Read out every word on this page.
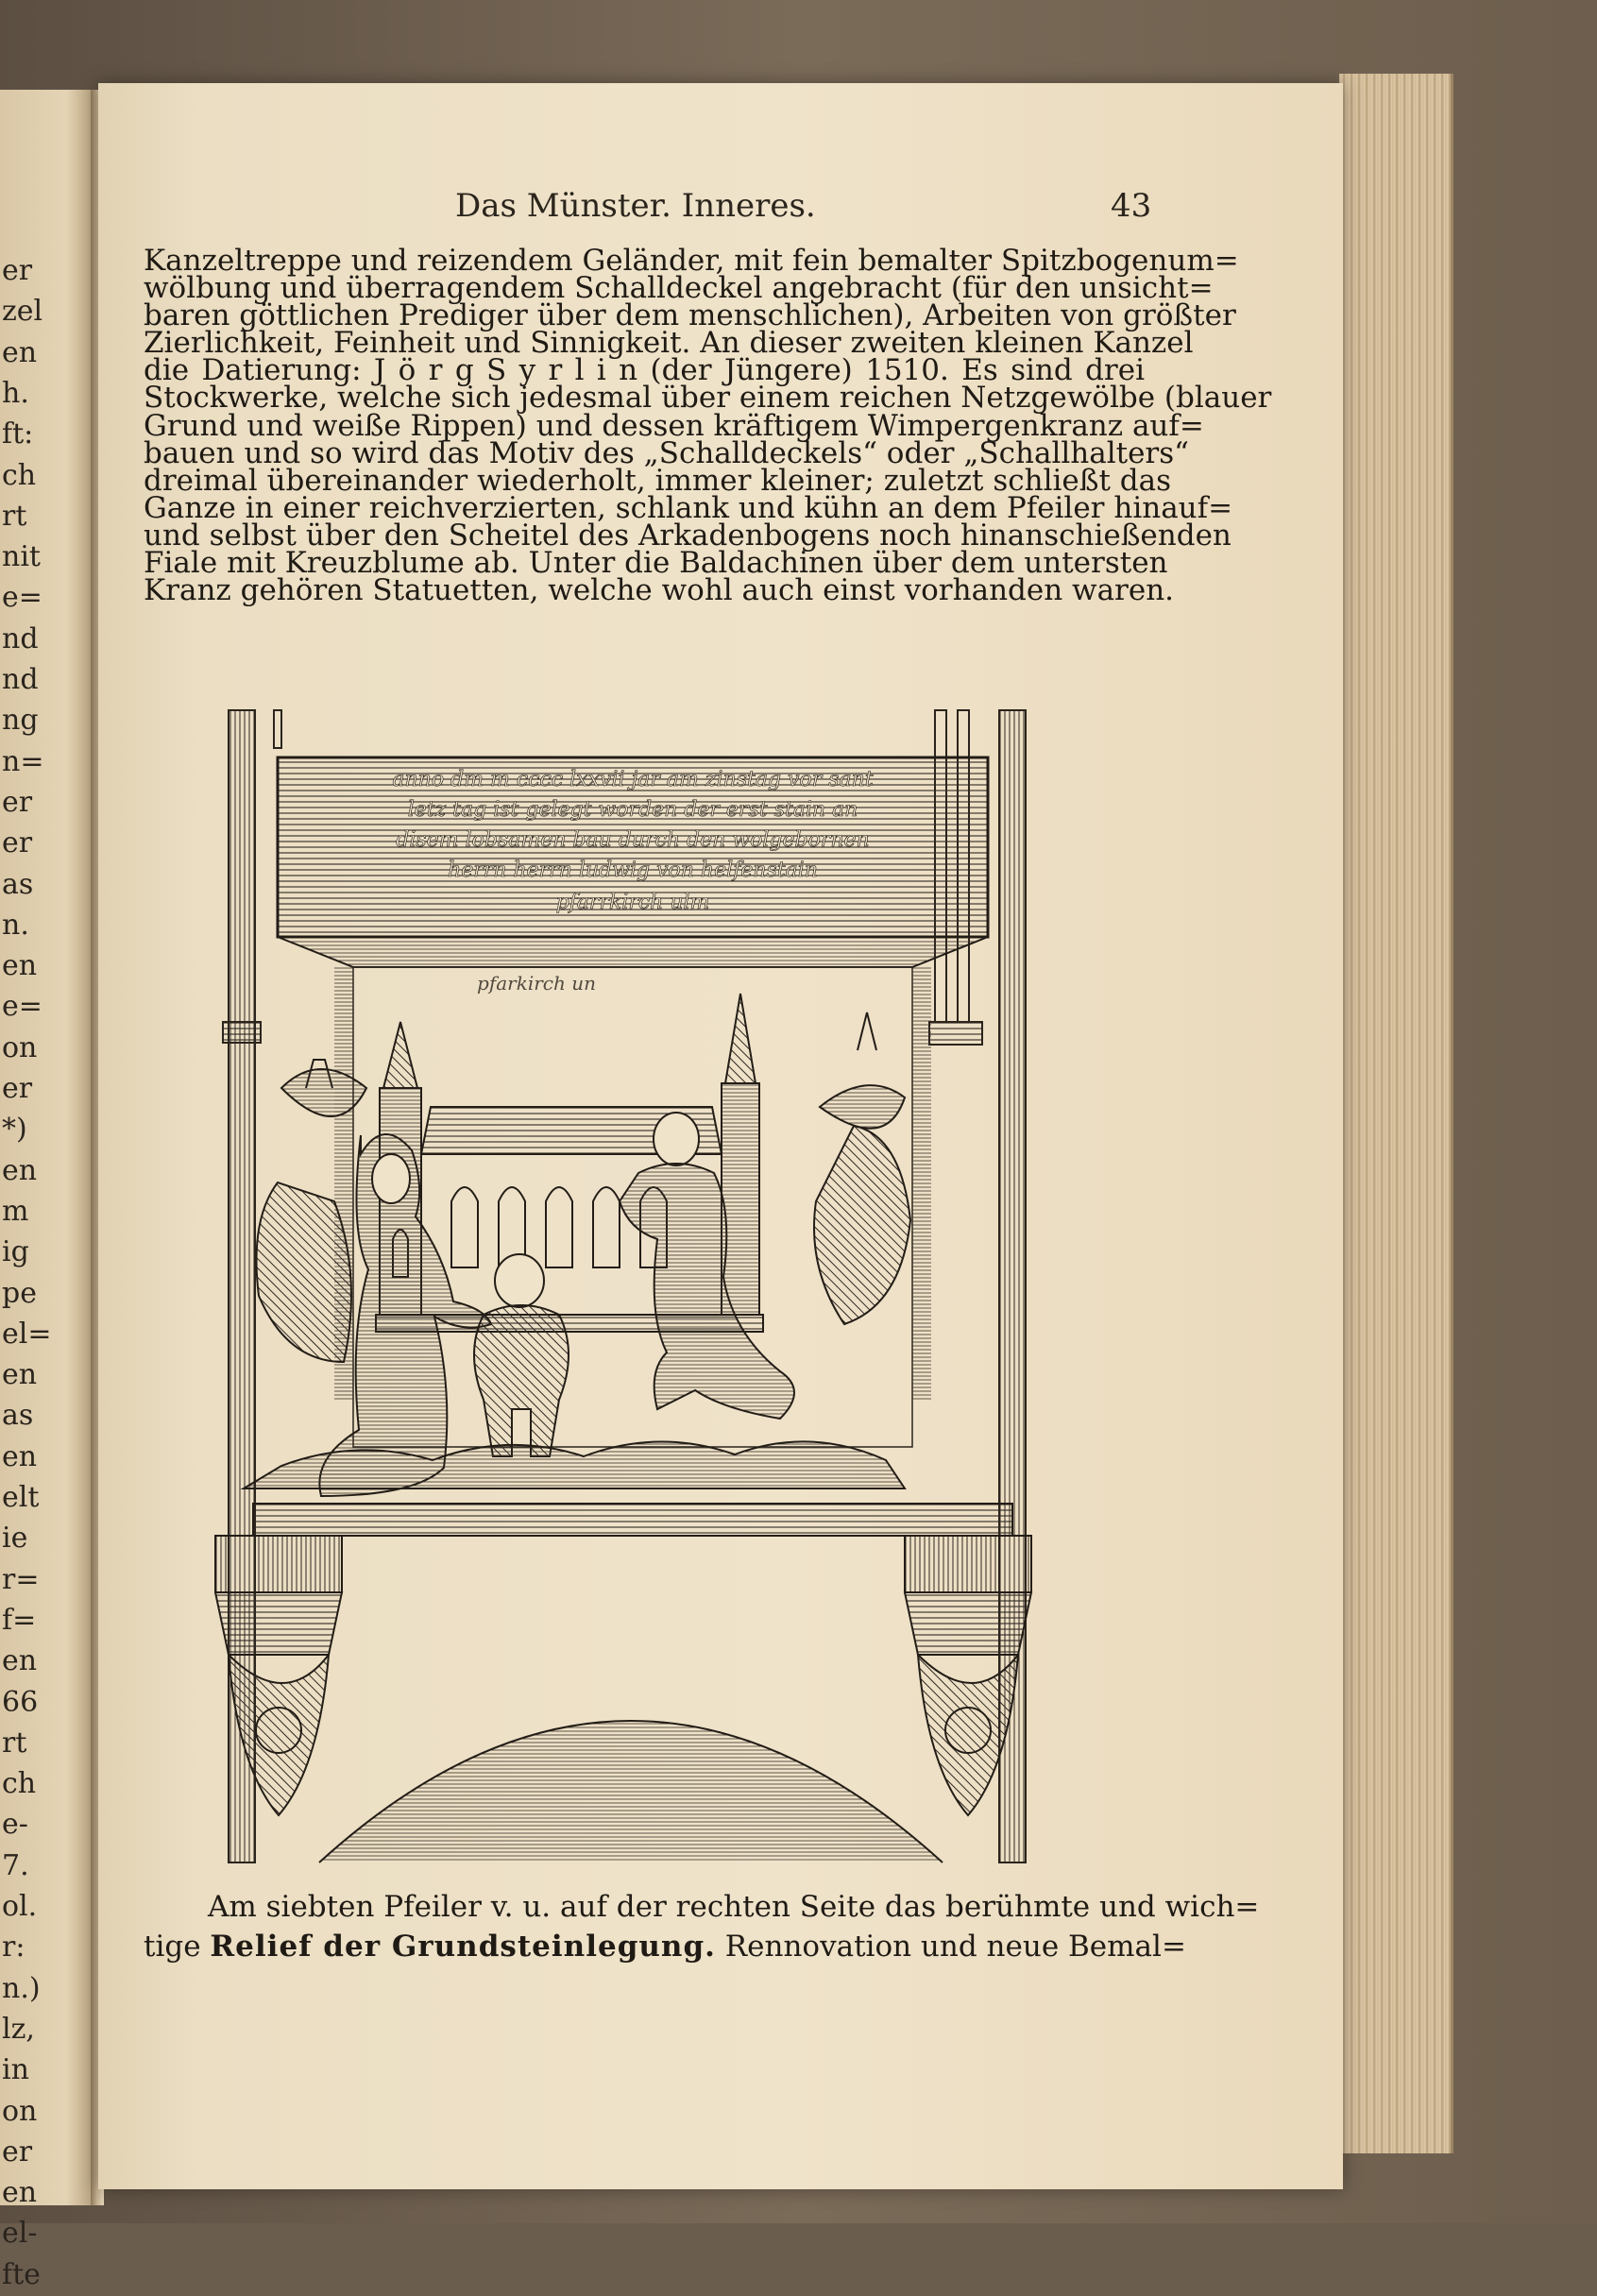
er
zel
en
h.
ft:
ch
rt
nit
e=
nd
nd
ng
n=
er
er
as
n.
en
e=
on
er
*)
en
m
ig
pe
el=
en
as
en
elt
ie
r=
f=
en
66
rt
ch
e-
7.
ol.
r:
n.)
lz,
in
on
er
en
el-
fte
Das Münster. Inneres.	43
Kanzeltreppe und reizendem Geländer, mit fein bemalter Spitzbogenum=
wölbung und überragendem Schalldeckel angebracht (für den unsicht=
baren göttlichen Prediger über dem menschlichen), Arbeiten von größter
Zierlichkeit, Feinheit und Sinnigkeit. An dieser zweiten kleinen Kanzel
die Datierung: J ö r g S y r l i n (der Jüngere) 1510. Es sind drei
Stockwerke, welche sich jedesmal über einem reichen Netzgewölbe (blauer
Grund und weiße Rippen) und dessen kräftigem Wimpergenkranz auf=
bauen und so wird das Motiv des „Schalldeckels“ oder „Schallhalters“
dreimal übereinander wiederholt, immer kleiner; zuletzt schließt das
Ganze in einer reichverzierten, schlank und kühn an dem Pfeiler hinauf=
und selbst über den Scheitel des Arkadenbogens noch hinanschießenden
Fiale mit Kreuzblume ab. Unter die Baldachinen über dem untersten
Kranz gehören Statuetten, welche wohl auch einst vorhanden waren.
anno dm m cccc lxxvii jar am zinstag vor sant
letz tag ist gelegt worden der erst stain an
disem lobsamen bau durch den wolgebornen
herrn herrn ludwig von helfenstain
pfarrkirch ulm
pfarkirch un
Am siebten Pfeiler v. u. auf der rechten Seite das berühmte und wich=
tige Relief der Grundsteinlegung. Rennovation und neue Bemal=
